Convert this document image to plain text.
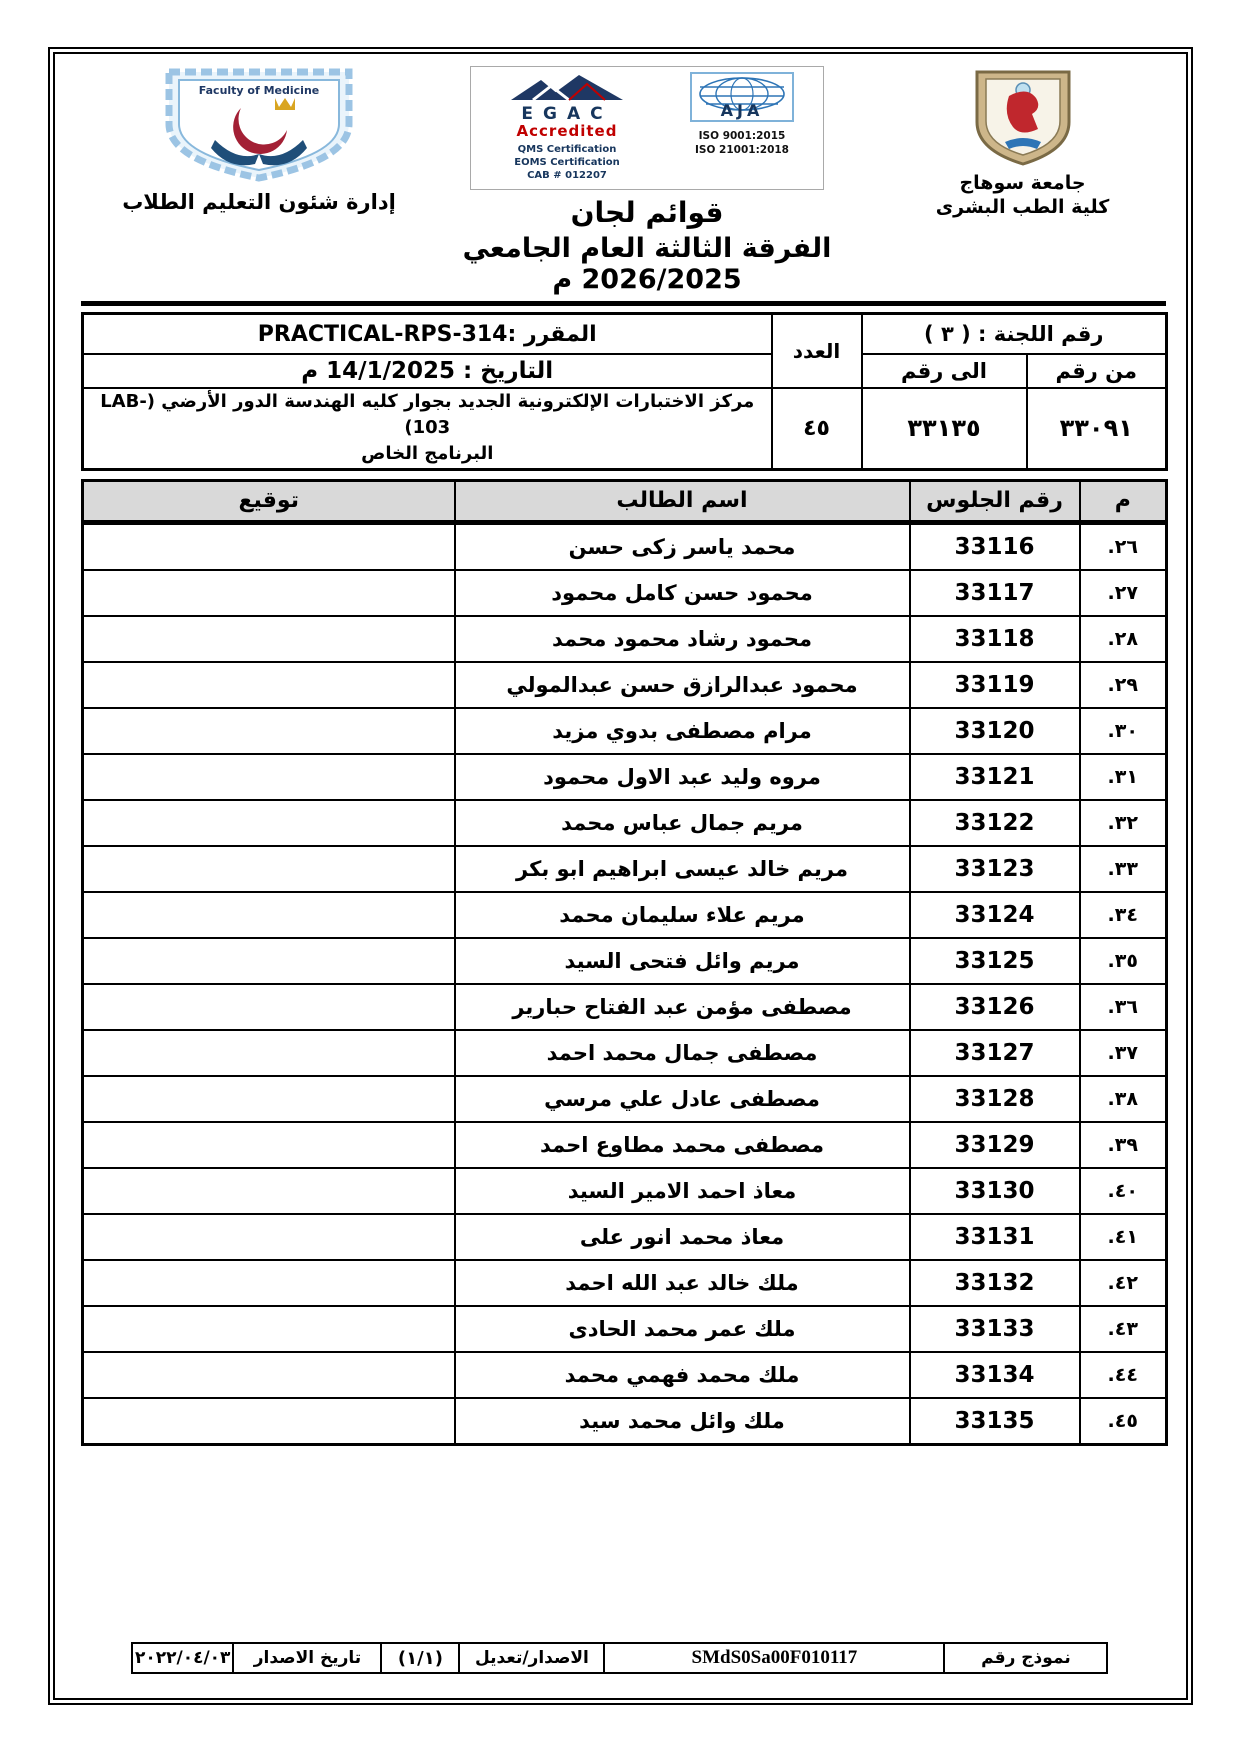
Faculty of Medicine
إدارة شئون التعليم الطلاب
EGAC
Accredited
QMS Certification
EOMS Certification
CAB # 012207
AJA
ISO 9001:2015
ISO 21001:2018
قوائم لجان
الفرقة الثالثة العام الجامعي 2026/2025 م
جامعة سوهاج
كلية الطب البشرى
رقم اللجنة : ( ٣ )		العدد	المقرر :PRACTICAL-RPS-314
من رقم	الى رقم		التاريخ : 14/1/2025 م
٣٣٠٩١	٣٣١٣٥	٤٥	مركز الاختبارات الإلكترونية الجديد بجوار كليه الهندسة الدور الأرضي (LAB-103)
البرنامج الخاص
م	رقم الجلوس	اسم الطالب	توقيع
.٢٦	33116	محمد ياسر زكى حسن	
.٢٧	33117	محمود حسن كامل محمود	
.٢٨	33118	محمود رشاد محمود محمد	
.٢٩	33119	محمود عبدالرازق حسن عبدالمولي	
.٣٠	33120	مرام مصطفى بدوي مزيد	
.٣١	33121	مروه وليد عبد الاول محمود	
.٣٢	33122	مريم جمال عباس محمد	
.٣٣	33123	مريم خالد عيسى ابراهيم ابو بكر	
.٣٤	33124	مريم علاء سليمان محمد	
.٣٥	33125	مريم وائل فتحى السيد	
.٣٦	33126	مصطفى مؤمن عبد الفتاح حبارير	
.٣٧	33127	مصطفى جمال محمد احمد	
.٣٨	33128	مصطفى عادل علي مرسي	
.٣٩	33129	مصطفى محمد مطاوع احمد	
.٤٠	33130	معاذ احمد الامير السيد	
.٤١	33131	معاذ محمد انور على	
.٤٢	33132	ملك خالد عبد الله احمد	
.٤٣	33133	ملك عمر محمد الحادى	
.٤٤	33134	ملك محمد فهمي محمد	
.٤٥	33135	ملك وائل محمد سيد	
نموذج رقم	SMdS0Sa00F010117	الاصدار/تعديل	(١/١)	تاريخ الاصدار	٢٠٢٢/٠٤/٠٣
